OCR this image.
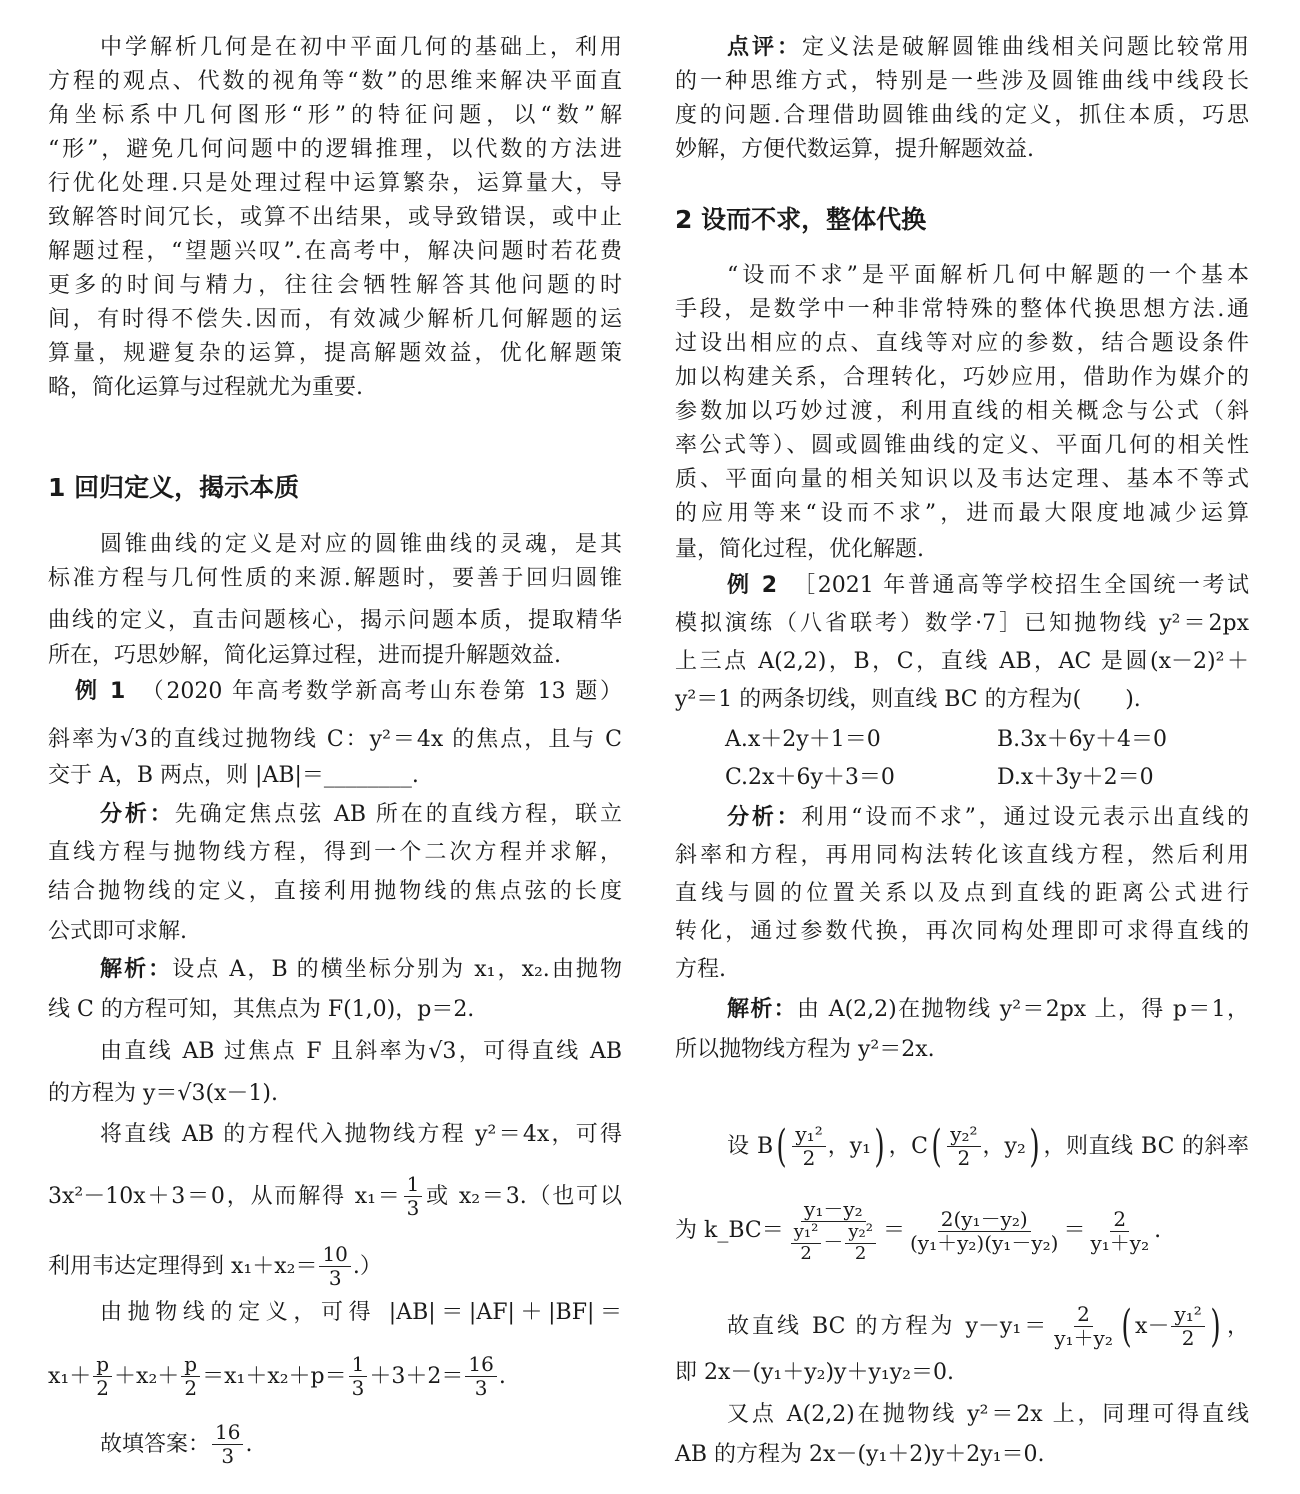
中学解析几何是在初中平面几何的基础上，利用
方程的观点、代数的视角等“数”的思维来解决平面直
角坐标系中几何图形“形”的特征问题，以“数”解
“形”，避免几何问题中的逻辑推理，以代数的方法进
行优化处理.只是处理过程中运算繁杂，运算量大，导
致解答时间冗长，或算不出结果，或导致错误，或中止
解题过程，“望题兴叹”.在高考中，解决问题时若花费
更多的时间与精力，往往会牺牲解答其他问题的时
间，有时得不偿失.因而，有效减少解析几何解题的运
算量，规避复杂的运算，提高解题效益，优化解题策
略，简化运算与过程就尤为重要.
1 回归定义，揭示本质
圆锥曲线的定义是对应的圆锥曲线的灵魂，是其
标准方程与几何性质的来源.解题时，要善于回归圆锥
曲线的定义，直击问题核心，揭示问题本质，提取精华
所在，巧思妙解，简化运算过程，进而提升解题效益.
例 1　（2020 年高考数学新高考山东卷第 13 题）
斜率为√3的直线过抛物线 C：y²＝4x 的焦点，且与 C
交于 A，B 两点，则 |AB|＝________.
分析：先确定焦点弦 AB 所在的直线方程，联立
直线方程与抛物线方程，得到一个二次方程并求解，
结合抛物线的定义，直接利用抛物线的焦点弦的长度
公式即可求解.
解析：设点 A，B 的横坐标分别为 x₁，x₂.由抛物
线 C 的方程可知，其焦点为 F(1,0)，p＝2.
由直线 AB 过焦点 F 且斜率为√3，可得直线 AB
的方程为 y＝√3(x－1).
将直线 AB 的方程代入抛物线方程 y²＝4x，可得
3x²－10x＋3＝0，从而解得 $x_1= \frac{1}{3}$ 或 x₂＝3.（也可以
利用韦达定理得到 $x_1+x_2= \frac{10}{3}$ .）
由抛物线的定义，可得 |AB|＝|AF|＋|BF|＝
$x_1+ \frac{p}{2} +x_2+ \frac{p}{2} =x_1+x_2+p= \frac{1}{3} +3+2= \frac{16}{3}$ .
故填答案： $\frac{16}{3}$ .
点评：定义法是破解圆锥曲线相关问题比较常用
的一种思维方式，特别是一些涉及圆锥曲线中线段长
度的问题.合理借助圆锥曲线的定义，抓住本质，巧思
妙解，方便代数运算，提升解题效益.
2 设而不求，整体代换
“设而不求”是平面解析几何中解题的一个基本
手段，是数学中一种非常特殊的整体代换思想方法.通
过设出相应的点、直线等对应的参数，结合题设条件
加以构建关系，合理转化，巧妙应用，借助作为媒介的
参数加以巧妙过渡，利用直线的相关概念与公式（斜
率公式等）、圆或圆锥曲线的定义、平面几何的相关性
质、平面向量的相关知识以及韦达定理、基本不等式
的应用等来“设而不求”，进而最大限度地减少运算
量，简化过程，优化解题.
例 2　［2021 年普通高等学校招生全国统一考试
模拟演练（八省联考）数学·7］已知抛物线 y²＝2px
上三点 A(2,2)，B，C，直线 AB，AC 是圆(x－2)²＋
y²＝1 的两条切线，则直线 BC 的方程为(　　).
分析：利用“设而不求”，通过设元表示出直线的
斜率和方程，再用同构法转化该直线方程，然后利用
直线与圆的位置关系以及点到直线的距离公式进行
转化，通过参数代换，再次同构处理即可求得直线的
方程.
解析：由 A(2,2)在抛物线 y²＝2px 上，得 p＝1，
所以抛物线方程为 y²＝2x.
设 B ( $\frac{\text{y₁²}}{2}$ ，y₁ ) ，C ( $\frac{\text{y₂²}}{2}$ ，y₂ ) ，则直线 BC 的斜率
为 k_BC＝ $\frac{\text{y₁－y₂}}{\frac{\text{y₁²}}{2} - \frac{\text{y₂²}}{2}} = \frac{\text{2(y₁－y₂)}}{\text{(y₁＋y₂)(y₁－y₂)}} = \frac{2}{\text{y₁＋y₂}}$ .
故直线 BC 的方程为 $y-y_1= \frac{2}{\text{y₁＋y₂}}$ ( $x- \frac{\text{y₁²}}{2}$ ) ，
即 2x－(y₁＋y₂)y＋y₁y₂＝0.
又点 A(2,2)在抛物线 y²＝2x 上，同理可得直线
AB 的方程为 2x－(y₁＋2)y＋2y₁＝0.
A.x＋2y＋1＝0	B.3x＋6y＋4＝0
C.2x＋6y＋3＝0	D.x＋3y＋2＝0
